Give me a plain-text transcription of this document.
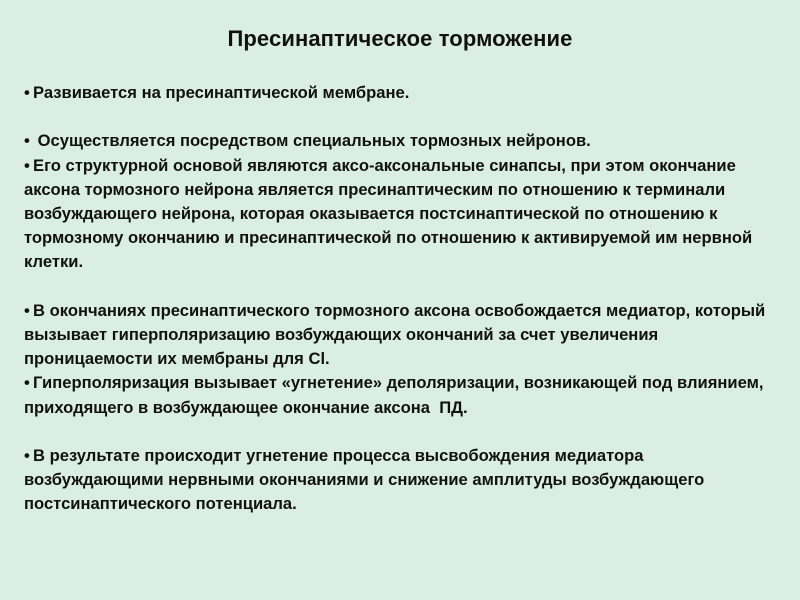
Пресинаптическое торможение

• Развивается на пресинаптической мембране.

• Осуществляется посредством специальных тормозных нейронов.

• Его структурной основой являются аксо-аксональные синапсы, при этом окончание аксона тормозного нейрона является пресинаптическим по отношению к терминали возбуждающего нейрона, которая оказывается постсинаптической по отношению к тормозному окончанию и пресинаптической по отношению к активируемой им нервной клетки.

• В окончаниях пресинаптического тормозного аксона освобождается медиатор, который вызывает гиперполяризацию возбуждающих окончаний за счет увеличения проницаемости их мембраны для Cl.

• Гиперполяризация вызывает «угнетение» деполяризации, возникающей под влиянием, приходящего в возбуждающее окончание аксона  ПД.

• В результате происходит угнетение процесса высвобождения медиатора возбуждающими нервными окончаниями и снижение амплитуды возбуждающего постсинаптического потенциала.
